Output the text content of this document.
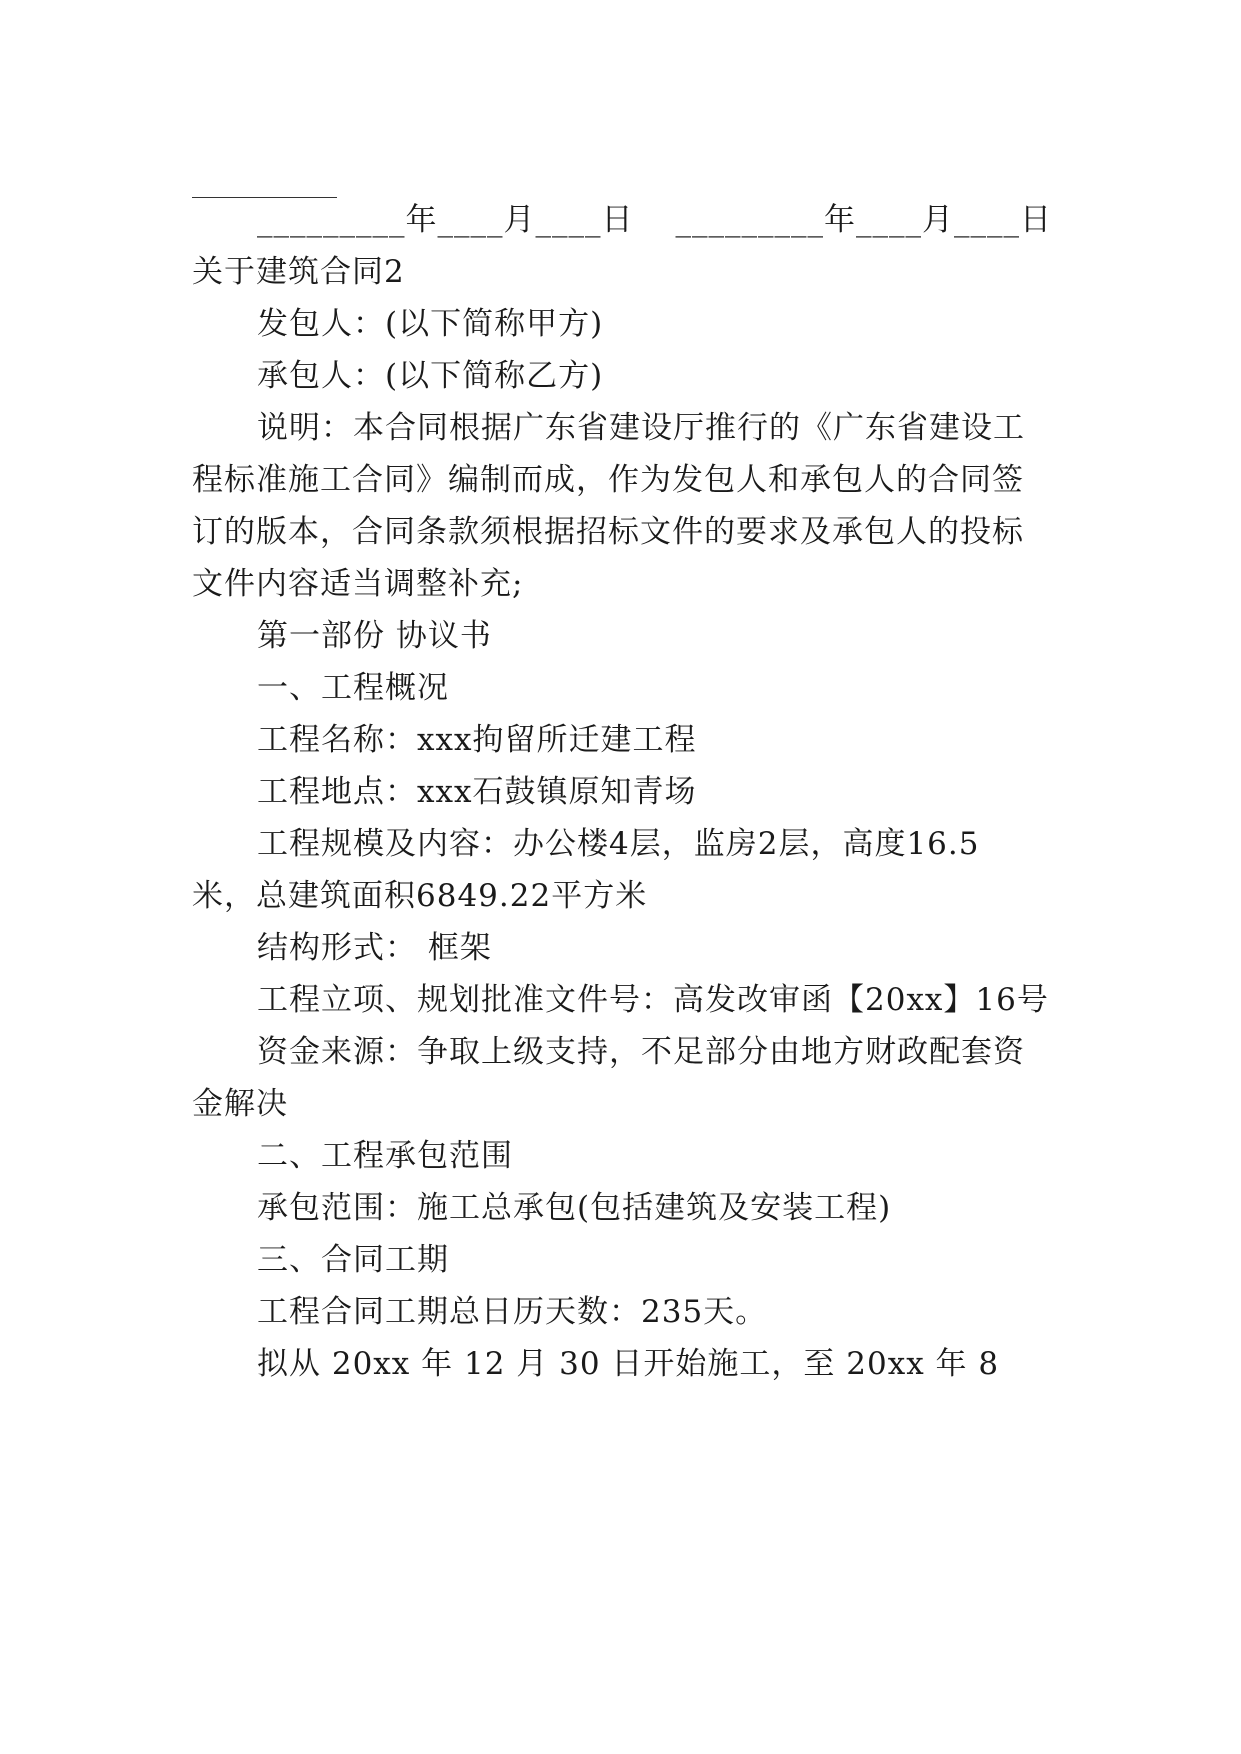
_________年____月____日 _________年____月____日
关于建筑合同2
发包人：(以下简称甲方)
承包人：(以下简称乙方)
说明：本合同根据广东省建设厅推行的《广东省建设工
程标准施工合同》编制而成，作为发包人和承包人的合同签
订的版本，合同条款须根据招标文件的要求及承包人的投标
文件内容适当调整补充;
第一部份 协议书
一、工程概况
工程名称：xxx拘留所迁建工程
工程地点：xxx石鼓镇原知青场
工程规模及内容：办公楼4层，监房2层，高度16.5
米，总建筑面积6849.22平方米
结构形式： 框架
工程立项、规划批准文件号：高发改审函【20xx】16号
资金来源：争取上级支持，不足部分由地方财政配套资
金解决
二、工程承包范围
承包范围：施工总承包(包括建筑及安装工程)
三、合同工期
工程合同工期总日历天数：235天。
拟从 20xx 年 12 月 30 日开始施工，至 20xx 年 8
